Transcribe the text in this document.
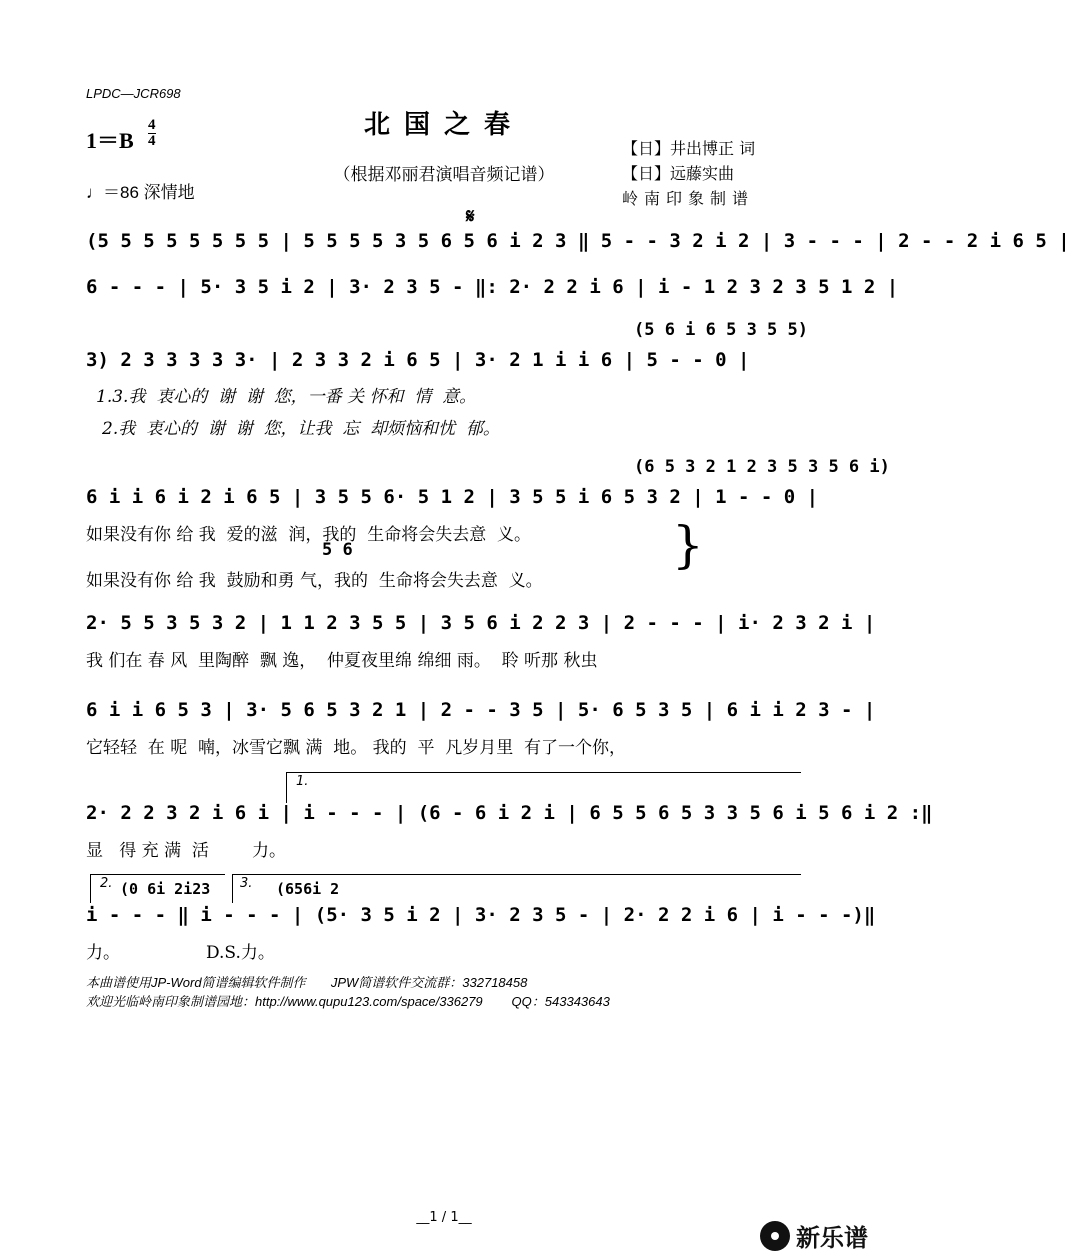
LPDC—JCR698
北国之春
（根据邓丽君演唱音频记谱）
【日】井出博正 词
【日】远藤实曲
岭南印象制谱
1＝B
4
4
♩＝86 深情地
𝄋
(5 5 5 5 5 5 5 5 | 5 5 5 5 3 5 6 5 6 i 2 3 ‖ 5 - - 3 2 i 2 | 3 - - - | 2 - - 2 i 6 5 |
6 - - - | 5· 3 5 i 2 | 3· 2 3 5 - ‖: 2· 2 2 i 6 | i - 1 2 3 2 3 5 1 2 |
(5 6 i 6 5 3 5 5)
3) 2 3 3 3 3 3· | 2 3 3 2 i 6 5 | 3· 2 1 i i 6 | 5 - - 0 |
1.3.我  衷心的  谢  谢  您，一番 关 怀和  情  意。
2.我  衷心的  谢  谢  您，让我  忘  却烦恼和忧  郁。
(6 5 3 2 1 2 3 5 3 5 6 i)
6 i i 6 i 2 i 6 5 | 3 5 5 6· 5 1 2 | 3 5 5 i 6 5 3 2 | 1 - - 0 |
如果没有你 给 我  爱的滋  润，我的  生命将会失去意  义。
5 6
如果没有你 给 我  鼓励和勇 气，我的  生命将会失去意  义。
}
2· 5 5 3 5 3 2 | 1 1 2 3 5 5 | 3 5 6 i 2 2 3 | 2 - - - | i· 2 3 2 i |
我 们在 春 风  里陶醉  飘 逸，  仲夏夜里绵 绵细 雨。  聆 听那 秋虫
6 i i 6 5 3 | 3· 5 6 5 3 2 1 | 2 - - 3 5 | 5· 6 5 3 5 | 6 i i 2 3 - |
它轻轻  在 呢  喃，冰雪它飘 满  地。 我的  平  凡岁月里  有了一个你，
1.
2· 2 2 3 2 i 6 i | i - - - | (6 - 6 i 2 i | 6 5 5 6 5 3 3 5 6 i 5 6 i 2 :‖
显   得 充 满  活        力。
2. (0 6i 2i23 3. (656i 2
i - - - ‖ i - - - | (5· 3 5 i 2 | 3· 2 3 5 - | 2· 2 2 i 6 | i - - -)‖
力。	D.S.力。
本曲谱使用JP-Word简谱编辑软件制作       JPW简谱软件交流群：332718458
欢迎光临岭南印象制谱园地：http://www.qupu123.com/space/336279        QQ：543343643
__1 / 1__
新乐谱
